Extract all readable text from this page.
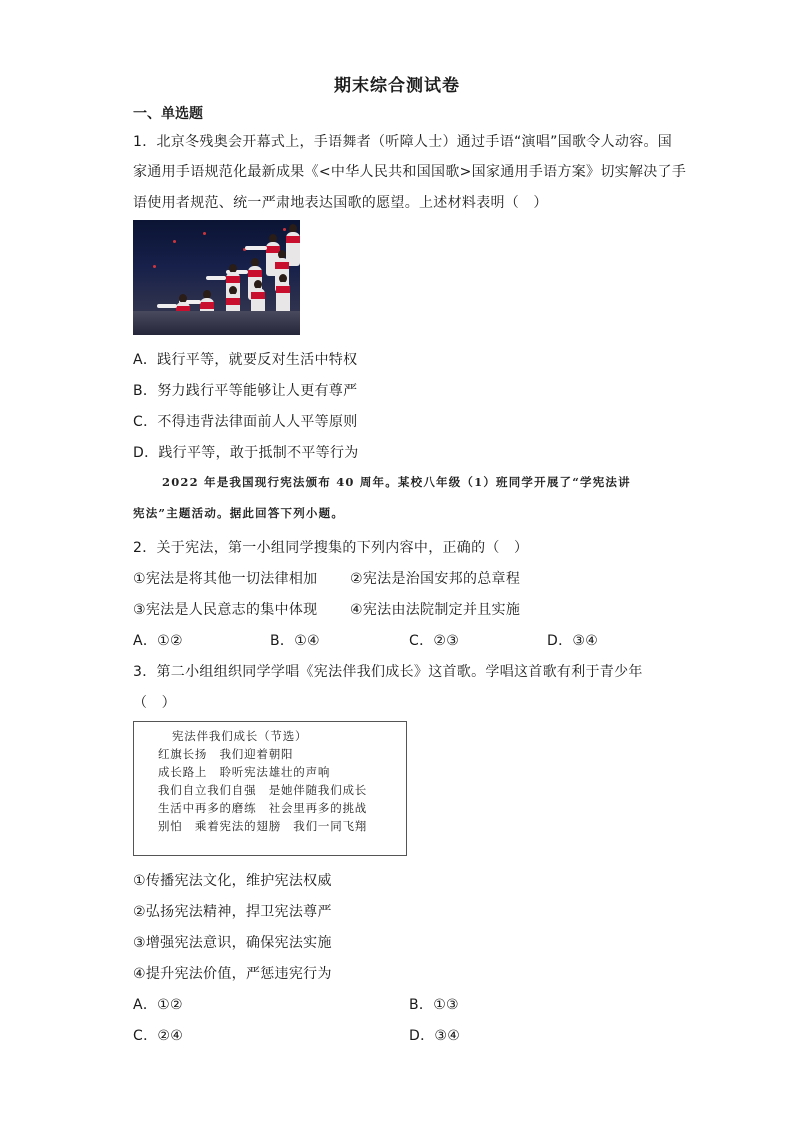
期末综合测试卷
一、单选题
1．北京冬残奥会开幕式上，手语舞者（听障人士）通过手语“演唱”国歌令人动容。国
家通用手语规范化最新成果《<中华人民共和国国歌>国家通用手语方案》切实解决了手
语使用者规范、统一严肃地表达国歌的愿望。上述材料表明（　）
A．践行平等，就要反对生活中特权
B．努力践行平等能够让人更有尊严
C．不得违背法律面前人人平等原则
D．践行平等，敢于抵制不平等行为
2022 年是我国现行宪法颁布 40 周年。某校八年级（1）班同学开展了“学宪法讲
宪法”主题活动。据此回答下列小题。
2．关于宪法，第一小组同学搜集的下列内容中，正确的（　）
①宪法是将其他一切法律相加 ②宪法是治国安邦的总章程
③宪法是人民意志的集中体现 ④宪法由法院制定并且实施
A．①②	B．①④	C．②③	D．③④
3．第二小组组织同学学唱《宪法伴我们成长》这首歌。学唱这首歌有利于青少年
（　）
宪法伴我们成长（节选）
红旗长扬　我们迎着朝阳
成长路上　聆听宪法雄壮的声响
我们自立我们自强　是她伴随我们成长
生活中再多的磨练　社会里再多的挑战
别怕　乘着宪法的翅膀　我们一同飞翔
①传播宪法文化，维护宪法权威
②弘扬宪法精神，捍卫宪法尊严
③增强宪法意识，确保宪法实施
④提升宪法价值，严惩违宪行为
A．①②	B．①③
C．②④	D．③④
